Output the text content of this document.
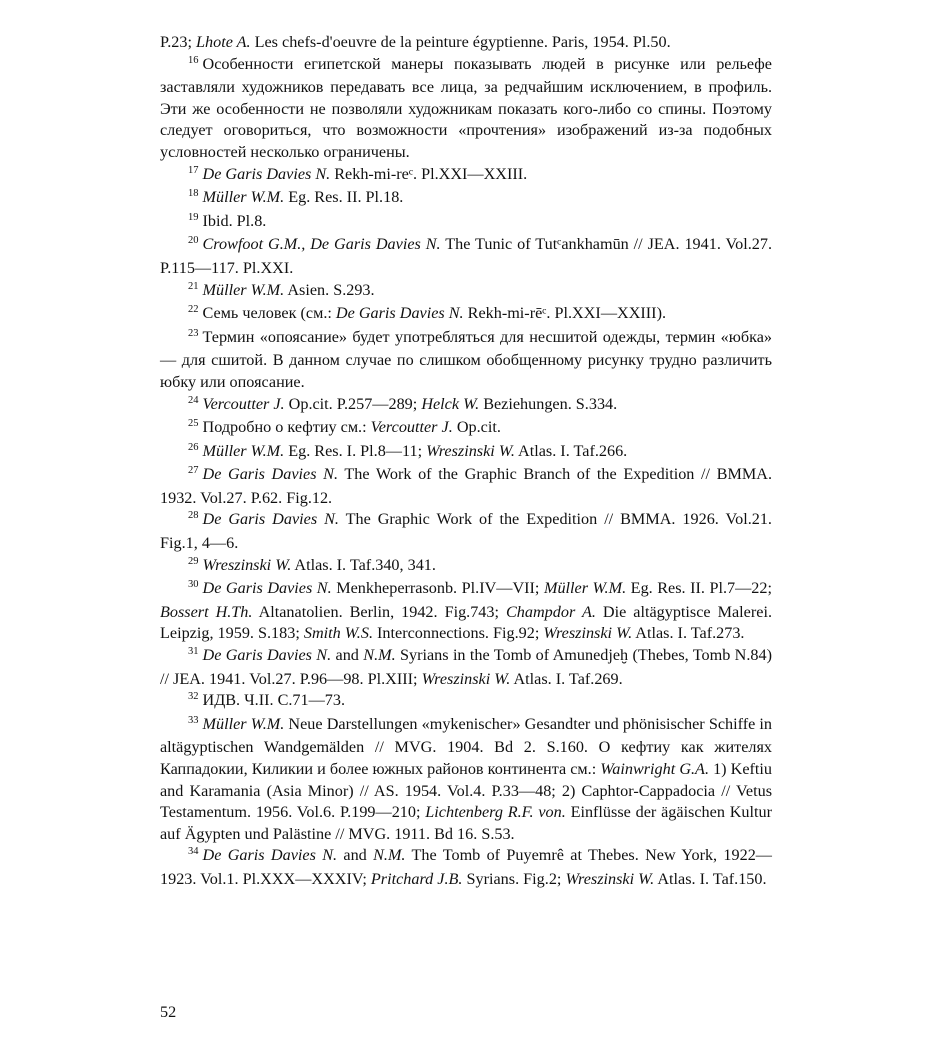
P.23; Lhote A. Les chefs-d'oeuvre de la peinture égyptienne. Paris, 1954. Pl.50.

$^{16}$ Особенности египетской манеры показывать людей в рисунке или рельефе заставляли художников передавать все лица, за редчайшим исключением, в профиль. Эти же особенности не позволяли художникам показать кого-либо со спины. Поэтому следует оговориться, что возможности «прочтения» изображений из-за подобных условностей несколько ограничены.

$^{17}$ De Garis Davies N. Rekh-mi-reᶜ. Pl.XXI—XXIII.

$^{18}$ Müller W.M. Eg. Res. II. Pl.18.

$^{19}$ Ibid. Pl.8.

$^{20}$ Crowfoot G.M., De Garis Davies N. The Tunic of Tutᶜankhamūn // JEA. 1941. Vol.27. P.115—117. Pl.XXI.

$^{21}$ Müller W.M. Asien. S.293.

$^{22}$ Семь человек (см.: De Garis Davies N. Rekh-mi-rēᶜ. Pl.XXI—XXIII).

$^{23}$ Термин «опоясание» будет употребляться для несшитой одежды, термин «юбка» — для сшитой. В данном случае по слишком обобщенному рисунку трудно различить юбку или опоясание.

$^{24}$ Vercoutter J. Op.cit. P.257—289; Helck W. Beziehungen. S.334.

$^{25}$ Подробно о кефтиу см.: Vercoutter J. Op.cit.

$^{26}$ Müller W.M. Eg. Res. I. Pl.8—11; Wreszinski W. Atlas. I. Taf.266.

$^{27}$ De Garis Davies N. The Work of the Graphic Branch of the Expedition // BMMA. 1932. Vol.27. P.62. Fig.12.

$^{28}$ De Garis Davies N. The Graphic Work of the Expedition // BMMA. 1926. Vol.21. Fig.1, 4—6.

$^{29}$ Wreszinski W. Atlas. I. Taf.340, 341.

$^{30}$ De Garis Davies N. Menkheperrasonb. Pl.IV—VII; Müller W.M. Eg. Res. II. Pl.7—22; Bossert H.Th. Altanatolien. Berlin, 1942. Fig.743; Champdor A. Die altägyptisce Malerei. Leipzig, 1959. S.183; Smith W.S. Interconnections. Fig.92; Wreszinski W. Atlas. I. Taf.273.

$^{31}$ De Garis Davies N. and N.M. Syrians in the Tomb of Amunedjeḫ (Thebes, Tomb N.84) // JEA. 1941. Vol.27. P.96—98. Pl.XIII; Wreszinski W. Atlas. I. Taf.269.

$^{32}$ ИДВ. Ч.II. С.71—73.

$^{33}$ Müller W.M. Neue Darstellungen «mykenischer» Gesandter und phönisischer Schiffe in altägyptischen Wandgemälden // MVG. 1904. Bd 2. S.160. О кефтиу как жителях Каппадокии, Киликии и более южных районов континента см.: Wainwright G.A. 1) Keftiu and Karamania (Asia Minor) // AS. 1954. Vol.4. P.33—48; 2) Caphtor-Cappadocia // Vetus Testamentum. 1956. Vol.6. P.199—210; Lichtenberg R.F. von. Einflüsse der ägäischen Kultur auf Ägypten und Palästine // MVG. 1911. Bd 16. S.53.

$^{34}$ De Garis Davies N. and N.M. The Tomb of Puyemrê at Thebes. New York, 1922—1923. Vol.1. Pl.XXX—XXXIV; Pritchard J.B. Syrians. Fig.2; Wreszinski W. Atlas. I. Taf.150.

52
